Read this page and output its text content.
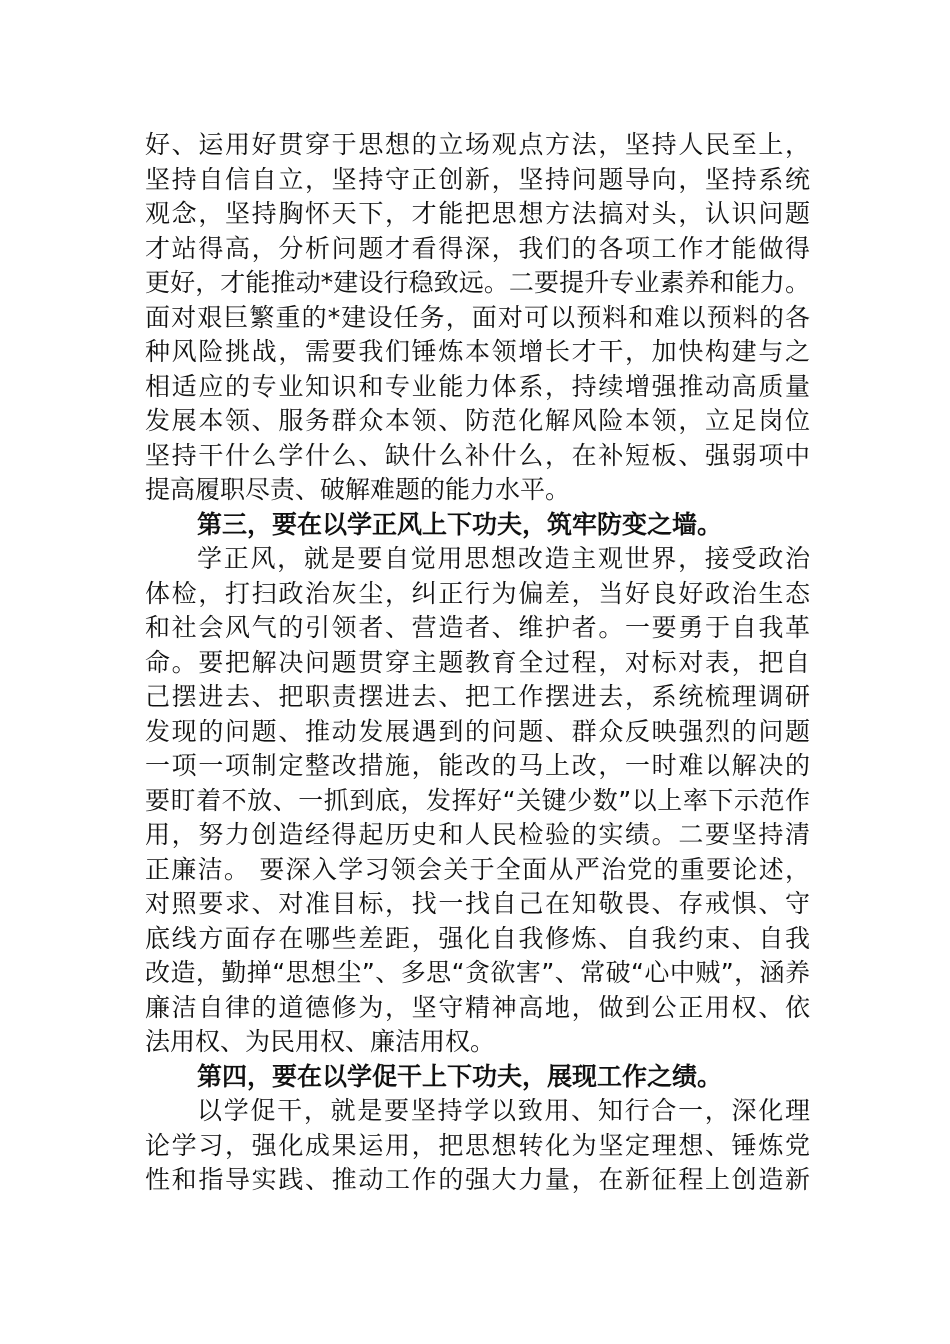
好、运用好贯穿于思想的立场观点方法，坚持人民至上，
坚持自信自立，坚持守正创新，坚持问题导向，坚持系统
观念，坚持胸怀天下，才能把思想方法搞对头，认识问题
才站得高，分析问题才看得深，我们的各项工作才能做得
更好，才能推动*建设行稳致远。二要提升专业素养和能力。
面对艰巨繁重的*建设任务，面对可以预料和难以预料的各
种风险挑战，需要我们锤炼本领增长才干，加快构建与之
相适应的专业知识和专业能力体系，持续增强推动高质量
发展本领、服务群众本领、防范化解风险本领，立足岗位
坚持干什么学什么、缺什么补什么，在补短板、强弱项中
提高履职尽责、破解难题的能力水平。
第三，要在以学正风上下功夫，筑牢防变之墙。
学正风，就是要自觉用思想改造主观世界，接受政治
体检，打扫政治灰尘，纠正行为偏差，当好良好政治生态
和社会风气的引领者、营造者、维护者。一要勇于自我革
命。要把解决问题贯穿主题教育全过程，对标对表，把自
己摆进去、把职责摆进去、把工作摆进去，系统梳理调研
发现的问题、推动发展遇到的问题、群众反映强烈的问题
一项一项制定整改措施，能改的马上改，一时难以解决的
要盯着不放、一抓到底，发挥好“关键少数”以上率下示范作
用，努力创造经得起历史和人民检验的实绩。二要坚持清
正廉洁。 要深入学习领会关于全面从严治党的重要论述，
对照要求、对准目标，找一找自己在知敬畏、存戒惧、守
底线方面存在哪些差距，强化自我修炼、自我约束、自我
改造，勤掸“思想尘”、多思“贪欲害”、常破“心中贼”，涵养
廉洁自律的道德修为，坚守精神高地，做到公正用权、依
法用权、为民用权、廉洁用权。
第四，要在以学促干上下功夫，展现工作之绩。
以学促干，就是要坚持学以致用、知行合一，深化理
论学习，强化成果运用，把思想转化为坚定理想、锤炼党
性和指导实践、推动工作的强大力量，在新征程上创造新
